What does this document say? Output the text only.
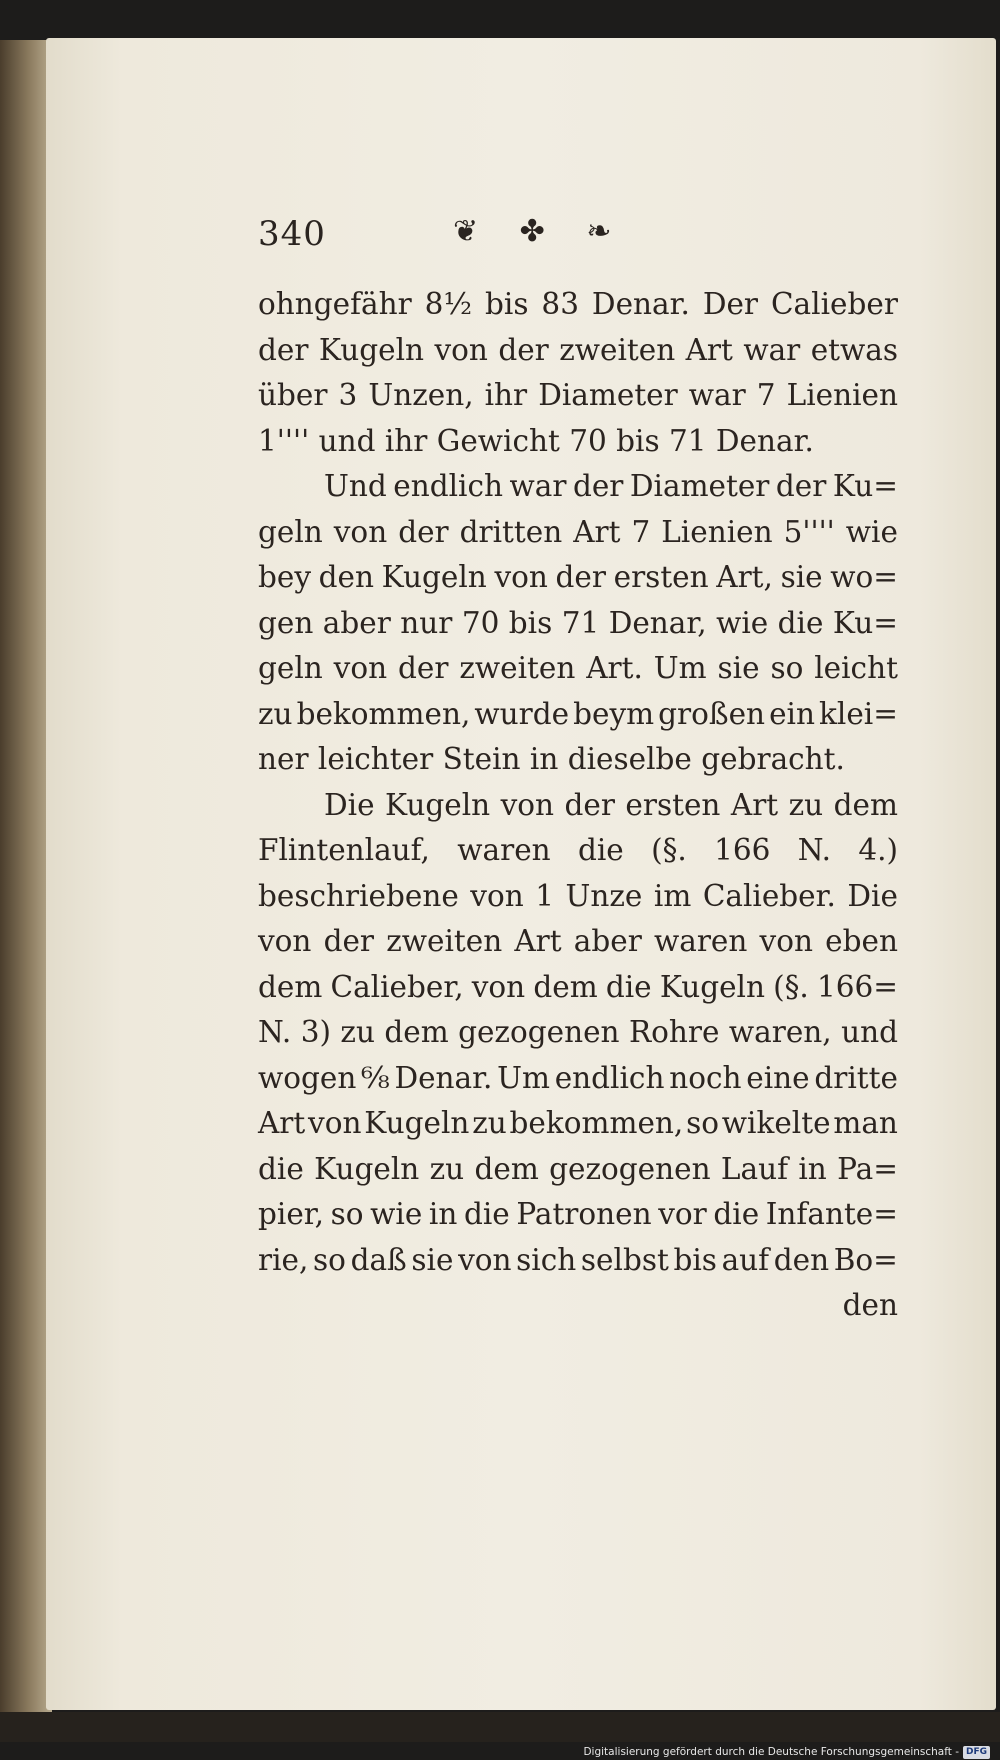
340	❦ ✤ ❧
ohngefähr 8½ bis 83 Denar. Der Calieber
der Kugeln von der zweiten Art war etwas
über 3 Unzen, ihr Diameter war 7 Lienien
1'''' und ihr Gewicht 70 bis 71 Denar.
Und endlich war der Diameter der Ku=
geln von der dritten Art 7 Lienien 5'''' wie
bey den Kugeln von der ersten Art, sie wo=
gen aber nur 70 bis 71 Denar, wie die Ku=
geln von der zweiten Art. Um sie so leicht
zu bekommen, wurde beym großen ein klei=
ner leichter Stein in dieselbe gebracht.
Die Kugeln von der ersten Art zu dem
Flintenlauf, waren die (§. 166 N. 4.)
beschriebene von 1 Unze im Calieber. Die
von der zweiten Art aber waren von eben
dem Calieber, von dem die Kugeln (§. 166=
N. 3) zu dem gezogenen Rohre waren, und
wogen ⁶⁄₈ Denar. Um endlich noch eine dritte
Art von Kugeln zu bekommen, so wikelte man
die Kugeln zu dem gezogenen Lauf in Pa=
pier, so wie in die Patronen vor die Infante=
rie, so daß sie von sich selbst bis auf den Bo=
den
Digitalisierung gefördert durch die Deutsche Forschungsgemeinschaft - DFG
